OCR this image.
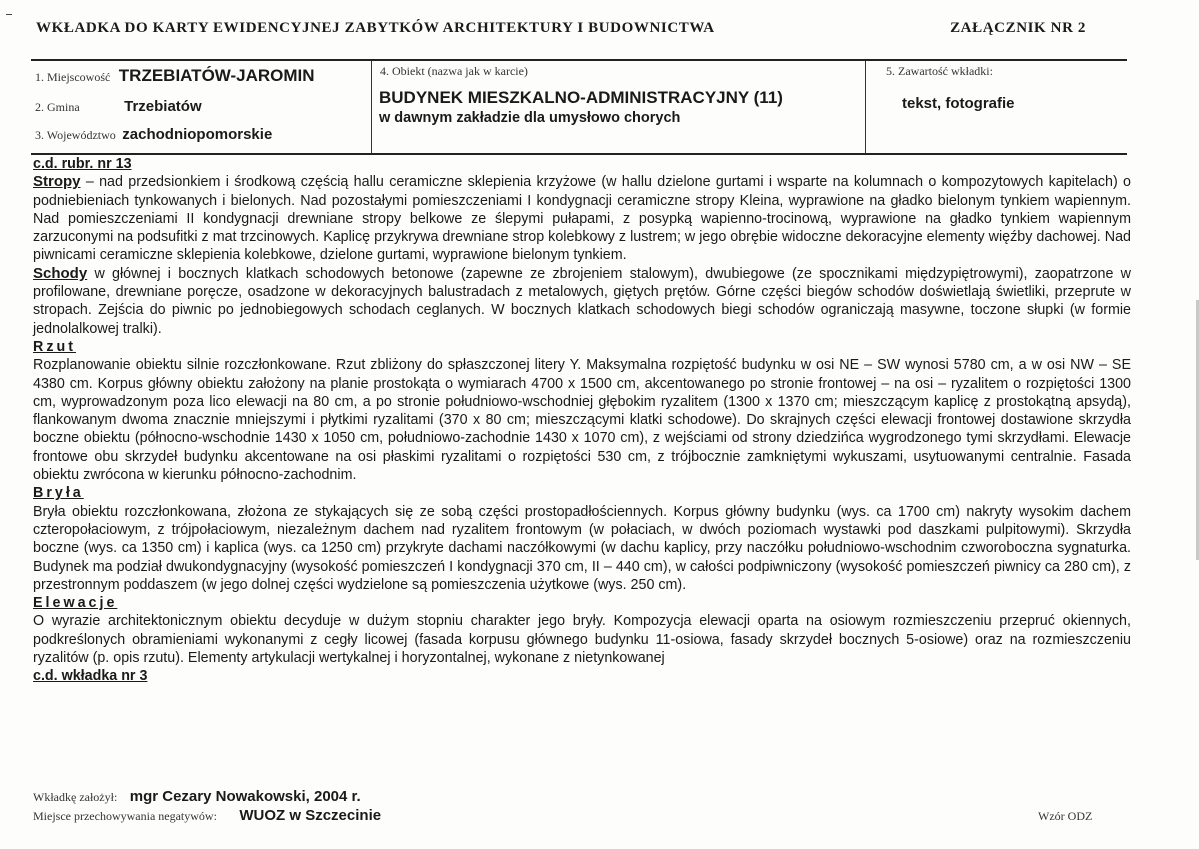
WKŁADKA DO KARTY EWIDENCYJNEJ ZABYTKÓW ARCHITEKTURY I BUDOWNICTWA	ZAŁĄCZNIK NR 2
1. Miejscowość TRZEBIATÓW-JAROMIN
2. Gmina	Trzebiatów
3. Województwo zachodniopomorskie
4. Obiekt (nazwa jak w karcie)
BUDYNEK MIESZKALNO-ADMINISTRACYJNY (11)
w dawnym zakładzie dla umysłowo chorych
5. Zawartość wkładki:
tekst, fotografie

c.d. rubr. nr 13

Stropy – nad przedsionkiem i środkową częścią hallu ceramiczne sklepienia krzyżowe (w hallu dzielone gurtami i wsparte na kolumnach o kompozytowych kapitelach) o podniebieniach tynkowanych i bielonych. Nad pozostałymi pomieszczeniami I kondygnacji ceramiczne stropy Kleina, wyprawione na gładko bielonym tynkiem wapiennym. Nad pomieszczeniami II kondygnacji drewniane stropy belkowe ze ślepymi pułapami, z posypką wapienno-trocinową, wyprawione na gładko tynkiem wapiennym zarzuconymi na podsufitki z mat trzcinowych. Kaplicę przykrywa drewniane strop kolebkowy z lustrem; w jego obrębie widoczne dekoracyjne elementy więźby dachowej. Nad piwnicami ceramiczne sklepienia kolebkowe, dzielone gurtami, wyprawione bielonym tynkiem.

Schody w głównej i bocznych klatkach schodowych betonowe (zapewne ze zbrojeniem stalowym), dwubiegowe (ze spocznikami międzypiętrowymi), zaopatrzone w profilowane, drewniane poręcze, osadzone w dekoracyjnych balustradach z metalowych, giętych prętów. Górne części biegów schodów doświetlają świetliki, przeprute w stropach. Zejścia do piwnic po jednobiegowych schodach ceglanych. W bocznych klatkach schodowych biegi schodów ograniczają masywne, toczone słupki (w formie jednolalkowej tralki).

Rzut

Rozplanowanie obiektu silnie rozczłonkowane. Rzut zbliżony do spłaszczonej litery Y. Maksymalna rozpiętość budynku w osi NE – SW wynosi 5780 cm, a w osi NW – SE 4380 cm. Korpus główny obiektu założony na planie prostokąta o wymiarach 4700 x 1500 cm, akcentowanego po stronie frontowej – na osi – ryzalitem o rozpiętości 1300 cm, wyprowadzonym poza lico elewacji na 80 cm, a po stronie południowo-wschodniej głębokim ryzalitem (1300 x 1370 cm; mieszczącym kaplicę z prostokątną apsydą), flankowanym dwoma znacznie mniejszymi i płytkimi ryzalitami (370 x 80 cm; mieszczącymi klatki schodowe). Do skrajnych części elewacji frontowej dostawione skrzydła boczne obiektu (północno-wschodnie 1430 x 1050 cm, południowo-zachodnie 1430 x 1070 cm), z wejściami od strony dziedzińca wygrodzonego tymi skrzydłami. Elewacje frontowe obu skrzydeł budynku akcentowane na osi płaskimi ryzalitami o rozpiętości 530 cm, z trójbocznie zamkniętymi wykuszami, usytuowanymi centralnie. Fasada obiektu zwrócona w kierunku północno-zachodnim.

Bryła

Bryła obiektu rozczłonkowana, złożona ze stykających się ze sobą części prostopadłościennych. Korpus główny budynku (wys. ca 1700 cm) nakryty wysokim dachem czteropołaciowym, z trójpołaciowym, niezależnym dachem nad ryzalitem frontowym (w połaciach, w dwóch poziomach wystawki pod daszkami pulpitowymi). Skrzydła boczne (wys. ca 1350 cm) i kaplica (wys. ca 1250 cm) przykryte dachami naczółkowymi (w dachu kaplicy, przy naczółku południowo-wschodnim czworoboczna sygnaturka. Budynek ma podział dwukondygnacyjny (wysokość pomieszczeń I kondygnacji 370 cm, II – 440 cm), w całości podpiwniczony (wysokość pomieszczeń piwnicy ca 280 cm), z przestronnym poddaszem (w jego dolnej części wydzielone są pomieszczenia użytkowe (wys. 250 cm).

Elewacje

O wyrazie architektonicznym obiektu decyduje w dużym stopniu charakter jego bryły. Kompozycja elewacji oparta na osiowym rozmieszczeniu przepruć okiennych, podkreślonych obramieniami wykonanymi z cegły licowej (fasada korpusu głównego budynku 11-osiowa, fasady skrzydeł bocznych 5-osiowe) oraz na rozmieszczeniu ryzalitów (p. opis rzutu). Elementy artykulacji wertykalnej i horyzontalnej, wykonane z nietynkowanej

c.d. wkładka nr 3

Wkładkę założył: mgr Cezary Nowakowski, 2004 r.
Miejsce przechowywania negatywów: WUOZ w Szczecinie	Wzór ODZ
